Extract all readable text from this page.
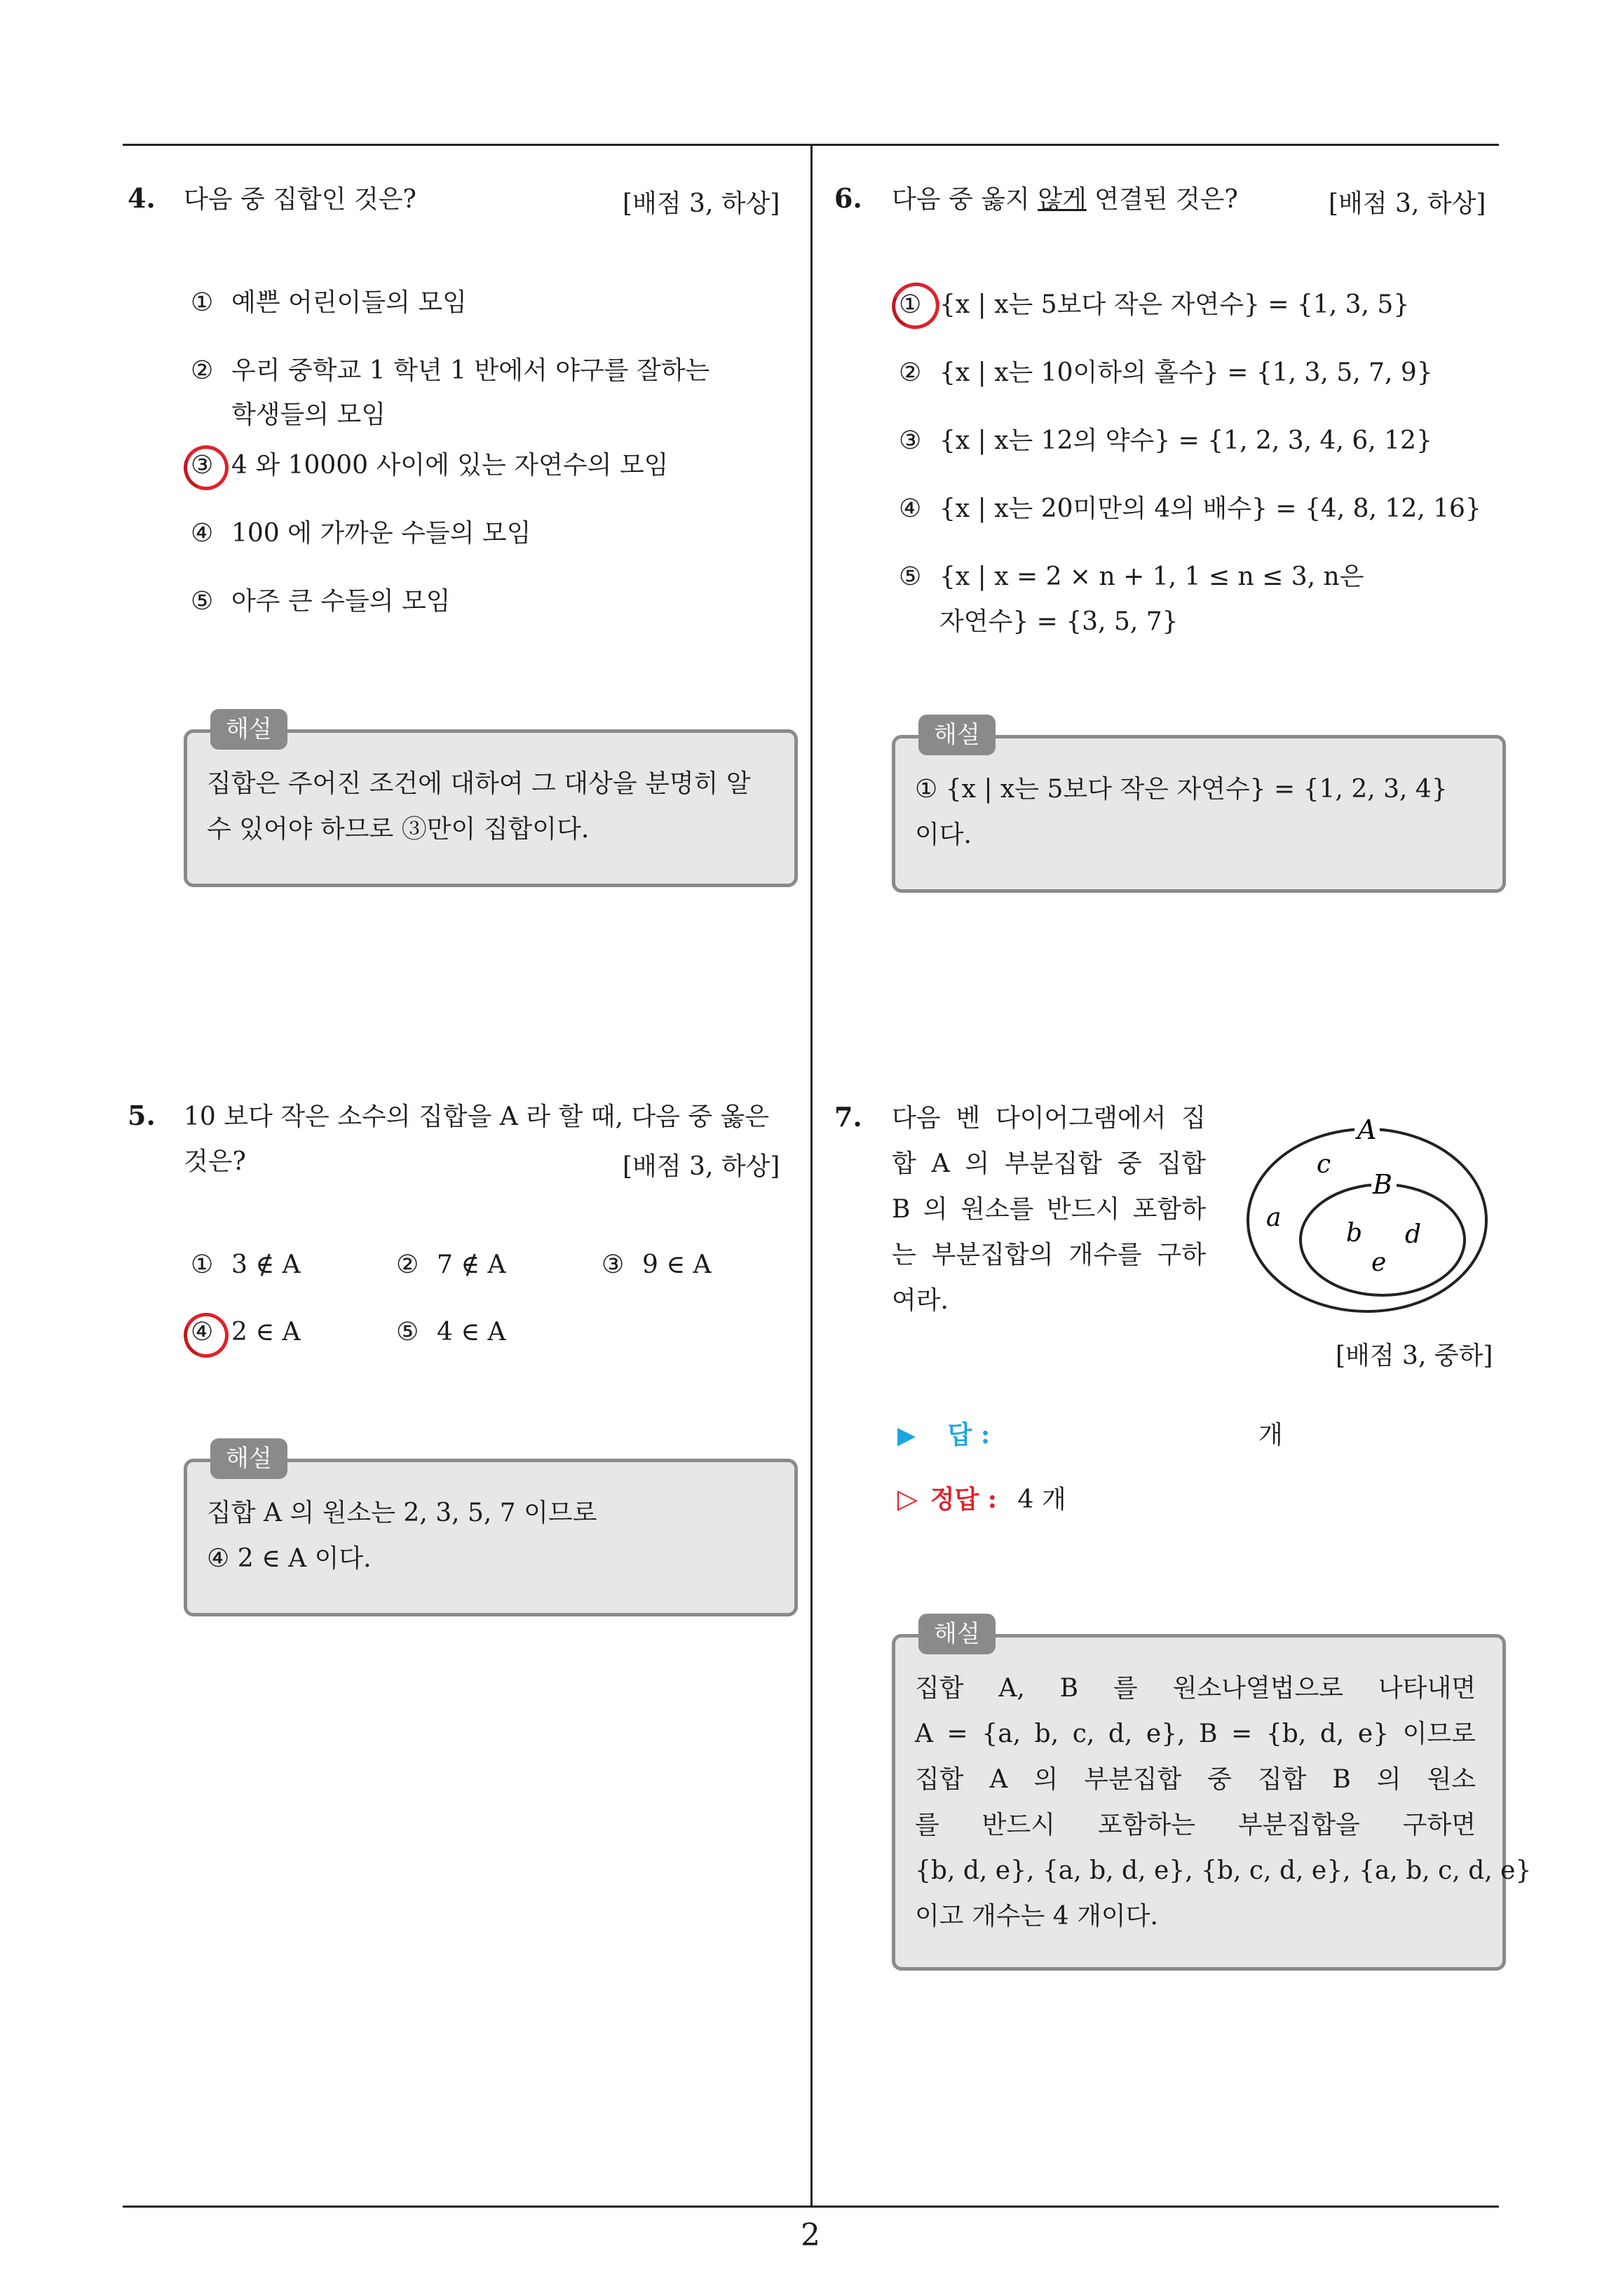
2
4. 다음 중 집합인 것은?	[배점 3, 하상]
① 예쁜 어린이들의 모임
② 우리 중학교 1 학년 1 반에서 야구를 잘하는
학생들의 모임
③ 4 와 10000 사이에 있는 자연수의 모임
④ 100 에 가까운 수들의 모임
⑤ 아주 큰 수들의 모임
해설
집합은 주어진 조건에 대하여 그 대상을 분명히 알
수 있어야 하므로 ③만이 집합이다.
5. 10 보다 작은 소수의 집합을 A 라 할 때, 다음 중 옳은
것은?	[배점 3, 하상]
① 3 ∉ A	② 7 ∉ A	③ 9 ∈ A
④ 2 ∈ A	⑤ 4 ∈ A
해설
집합 A 의 원소는 2, 3, 5, 7 이므로
④ 2 ∈ A 이다.
6. 다음 중 옳지 않게 연결된 것은?	[배점 3, 하상]
① {x | x는 5보다 작은 자연수} = {1, 3, 5}
② {x | x는 10이하의 홀수} = {1, 3, 5, 7, 9}
③ {x | x는 12의 약수} = {1, 2, 3, 4, 6, 12}
④ {x | x는 20미만의 4의 배수} = {4, 8, 12, 16}
⑤ {x | x = 2 × n + 1, 1 ≤ n ≤ 3, n은
자연수} = {3, 5, 7}
해설
① {x | x는 5보다 작은 자연수} = {1, 2, 3, 4}
이다.
7. 다음 벤 다이어그램에서 집
합 A 의 부분집합 중 집합
B 의 원소를 반드시 포함하
는 부분집합의 개수를 구하
여라.
A
B
c
a
b d
e
[배점 3, 중하]
▶ 답 :	개
▷ 정답 : 4 개
해설
집합 A, B 를 원소나열법으로 나타내면
A = {a, b, c, d, e}, B = {b, d, e} 이므로
집합 A 의 부분집합 중 집합 B 의 원소
를 반드시 포함하는 부분집합을 구하면
{b, d, e}, {a, b, d, e}, {b, c, d, e}, {a, b, c, d, e}
이고 개수는 4 개이다.
